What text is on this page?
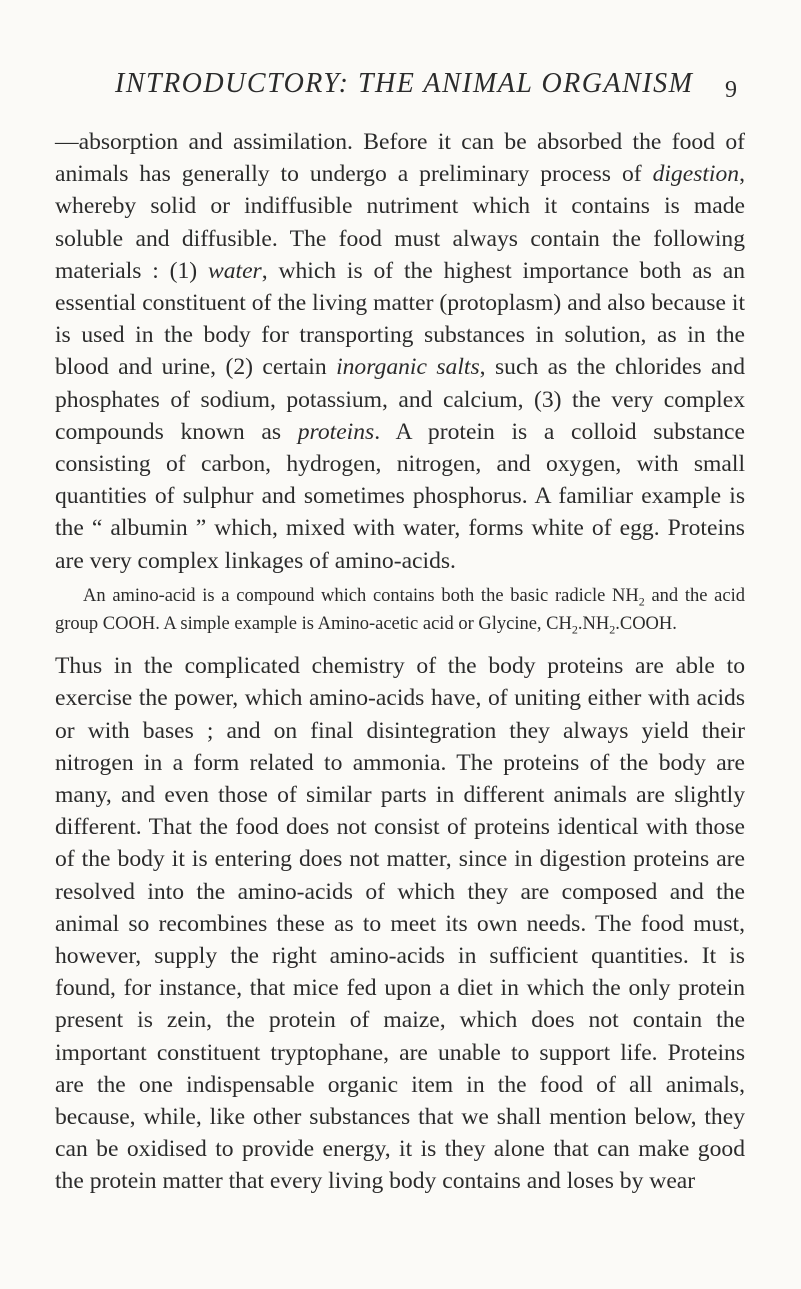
INTRODUCTORY: THE ANIMAL ORGANISM 9

—absorption and assimilation. Before it can be absorbed the food of animals has generally to undergo a preliminary process of digestion, whereby solid or indiffusible nutriment which it contains is made soluble and diffusible. The food must always contain the following materials : (1) water, which is of the highest importance both as an essential constituent of the living matter (protoplasm) and also because it is used in the body for transporting substances in solution, as in the blood and urine, (2) certain inorganic salts, such as the chlorides and phosphates of sodium, potassium, and calcium, (3) the very complex compounds known as proteins. A protein is a colloid substance consisting of carbon, hydrogen, nitrogen, and oxygen, with small quantities of sulphur and sometimes phosphorus. A familiar example is the “ albumin ” which, mixed with water, forms white of egg. Proteins are very complex linkages of amino-acids.

An amino-acid is a compound which contains both the basic radicle $NH_2$ and the acid group COOH. A simple example is Amino-acetic acid or Glycine, $CH_2.NH_2.COOH$.

Thus in the complicated chemistry of the body proteins are able to exercise the power, which amino-acids have, of uniting either with acids or with bases ; and on final disintegration they always yield their nitrogen in a form related to ammonia. The proteins of the body are many, and even those of similar parts in different animals are slightly different. That the food does not consist of proteins identical with those of the body it is entering does not matter, since in digestion proteins are resolved into the amino-acids of which they are composed and the animal so recombines these as to meet its own needs. The food must, however, supply the right amino-acids in sufficient quantities. It is found, for instance, that mice fed upon a diet in which the only protein present is zein, the protein of maize, which does not contain the important constituent tryptophane, are unable to support life. Proteins are the one indispensable organic item in the food of all animals, because, while, like other substances that we shall mention below, they can be oxidised to provide energy, it is they alone that can make good the protein matter that every living body contains and loses by wear
